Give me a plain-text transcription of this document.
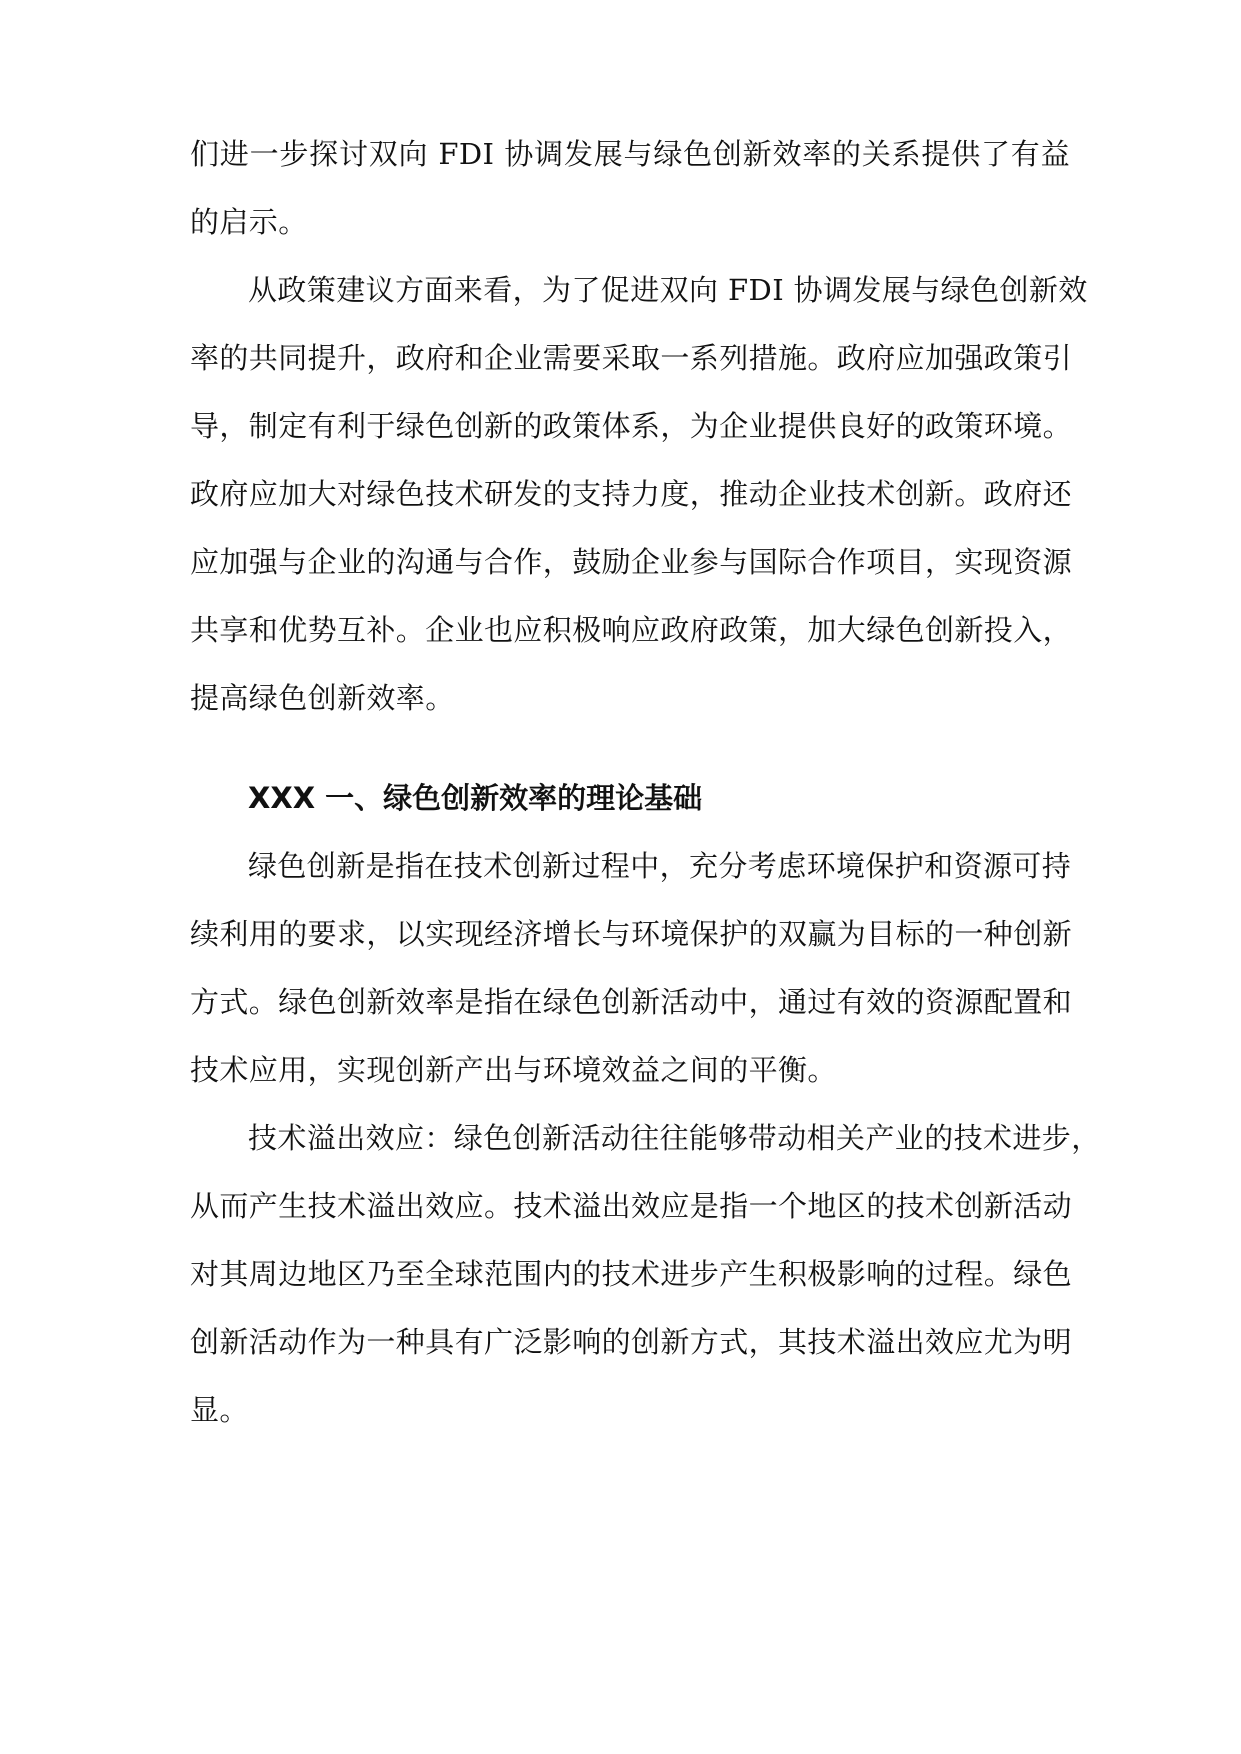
们进一步探讨双向 FDI 协调发展与绿色创新效率的关系提供了有益
的启示。
从政策建议方面来看，为了促进双向 FDI 协调发展与绿色创新效
率的共同提升，政府和企业需要采取一系列措施。政府应加强政策引
导，制定有利于绿色创新的政策体系，为企业提供良好的政策环境。
政府应加大对绿色技术研发的支持力度，推动企业技术创新。政府还
应加强与企业的沟通与合作，鼓励企业参与国际合作项目，实现资源
共享和优势互补。企业也应积极响应政府政策，加大绿色创新投入，
提高绿色创新效率。
XXX 一、绿色创新效率的理论基础
绿色创新是指在技术创新过程中，充分考虑环境保护和资源可持
续利用的要求，以实现经济增长与环境保护的双赢为目标的一种创新
方式。绿色创新效率是指在绿色创新活动中，通过有效的资源配置和
技术应用，实现创新产出与环境效益之间的平衡。
技术溢出效应：绿色创新活动往往能够带动相关产业的技术进步，
从而产生技术溢出效应。技术溢出效应是指一个地区的技术创新活动
对其周边地区乃至全球范围内的技术进步产生积极影响的过程。绿色
创新活动作为一种具有广泛影响的创新方式，其技术溢出效应尤为明
显。
